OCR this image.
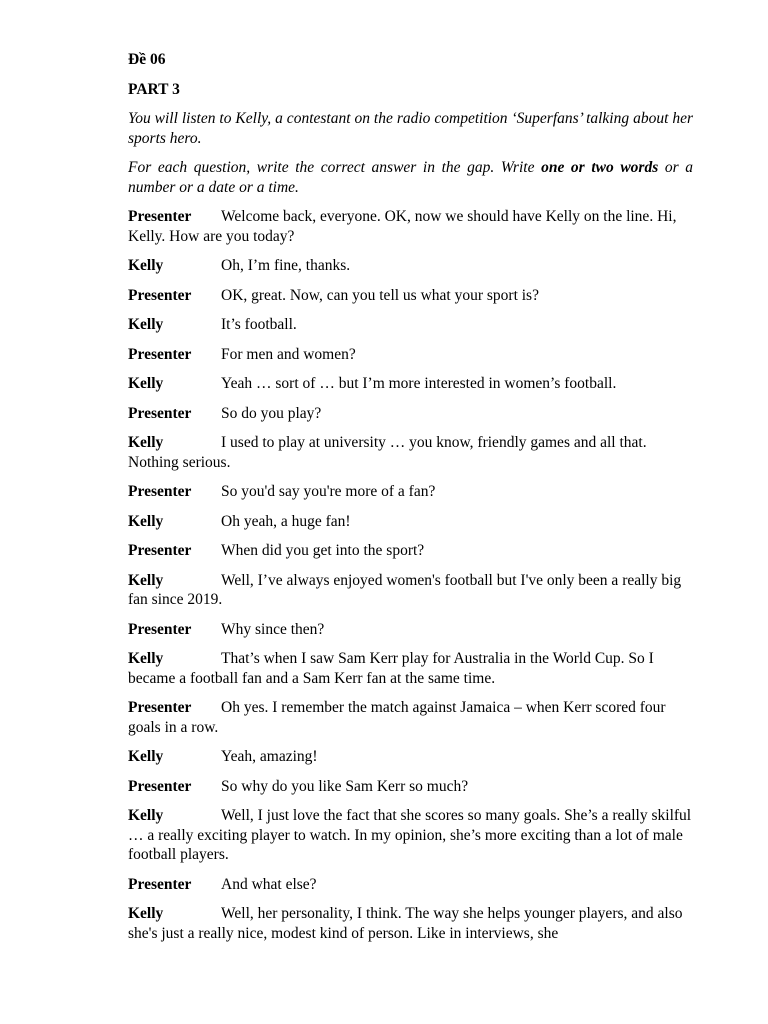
Đề 06
PART 3
You will listen to Kelly, a contestant on the radio competition ‘Superfans’ talking about her sports hero.
For each question, write the correct answer in the gap. Write one or two words or a number or a date or a time.
Presenter Welcome back, everyone. OK, now we should have Kelly on the line. Hi, Kelly. How are you today?
Kelly	Oh, I’m fine, thanks.
Presenter OK, great. Now, can you tell us what your sport is?
Kelly	It’s football.
Presenter For men and women?
Kelly	Yeah … sort of … but I’m more interested in women’s football.
Presenter So do you play?
Kelly	I used to play at university … you know, friendly games and all that. Nothing serious.
Presenter So you'd say you're more of a fan?
Kelly	Oh yeah, a huge fan!
Presenter When did you get into the sport?
Kelly	Well, I’ve always enjoyed women's football but I've only been a really big fan since 2019.
Presenter Why since then?
Kelly	That’s when I saw Sam Kerr play for Australia in the World Cup. So I became a football fan and a Sam Kerr fan at the same time.
Presenter Oh yes. I remember the match against Jamaica – when Kerr scored four goals in a row.
Kelly	Yeah, amazing!
Presenter So why do you like Sam Kerr so much?
Kelly	Well, I just love the fact that she scores so many goals. She’s a really skilful … a really exciting player to watch. In my opinion, she’s more exciting than a lot of male football players.
Presenter And what else?
Kelly	Well, her personality, I think. The way she helps younger players, and also she's just a really nice, modest kind of person. Like in interviews, she
